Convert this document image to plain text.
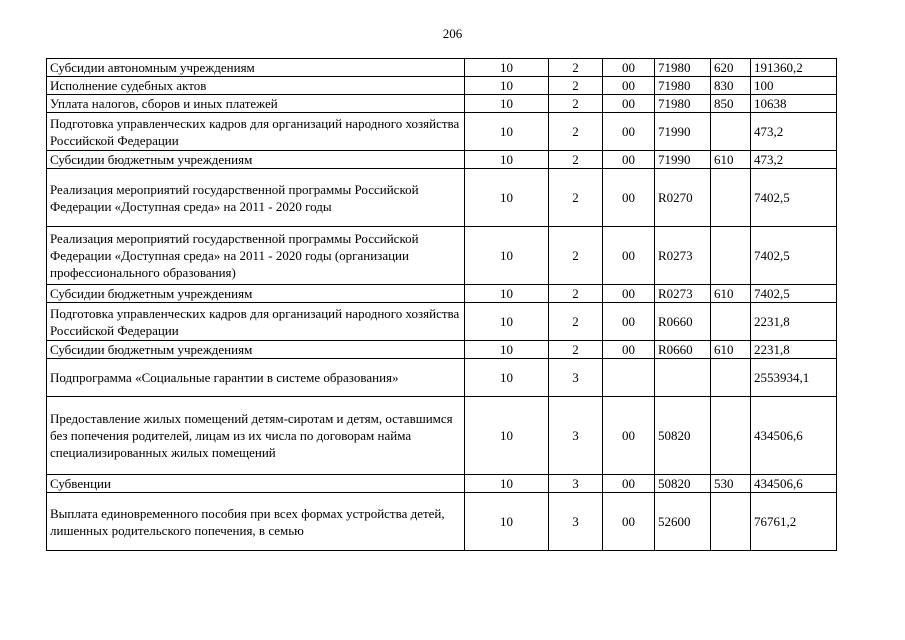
206
Субсидии автономным учреждениям	10	2	00	71980	620	191360,2
Исполнение судебных актов	10	2	00	71980	830	100
Уплата налогов, сборов и иных платежей	10	2	00	71980	850	10638
Подготовка управленческих кадров для организаций народного хозяйства Российской Федерации	10	2	00	71990		473,2
Субсидии бюджетным учреждениям	10	2	00	71990	610	473,2
Реализация мероприятий государственной программы Российской Федерации «Доступная среда» на 2011 - 2020 годы	10	2	00	R0270		7402,5
Реализация мероприятий государственной программы Российской Федерации «Доступная среда» на 2011 - 2020 годы (организации профессионального образования)	10	2	00	R0273		7402,5
Субсидии бюджетным учреждениям	10	2	00	R0273	610	7402,5
Подготовка управленческих кадров для организаций народного хозяйства Российской Федерации	10	2	00	R0660		2231,8
Субсидии бюджетным учреждениям	10	2	00	R0660	610	2231,8
Подпрограмма «Социальные гарантии в системе образования»	10	3				2553934,1
Предоставление жилых помещений детям-сиротам и детям, оставшимся без попечения родителей, лицам из их числа по договорам найма специализированных жилых помещений	10	3	00	50820		434506,6
Субвенции	10	3	00	50820	530	434506,6
Выплата единовременного пособия при всех формах устройства детей, лишенных родительского попечения, в семью	10	3	00	52600		76761,2
